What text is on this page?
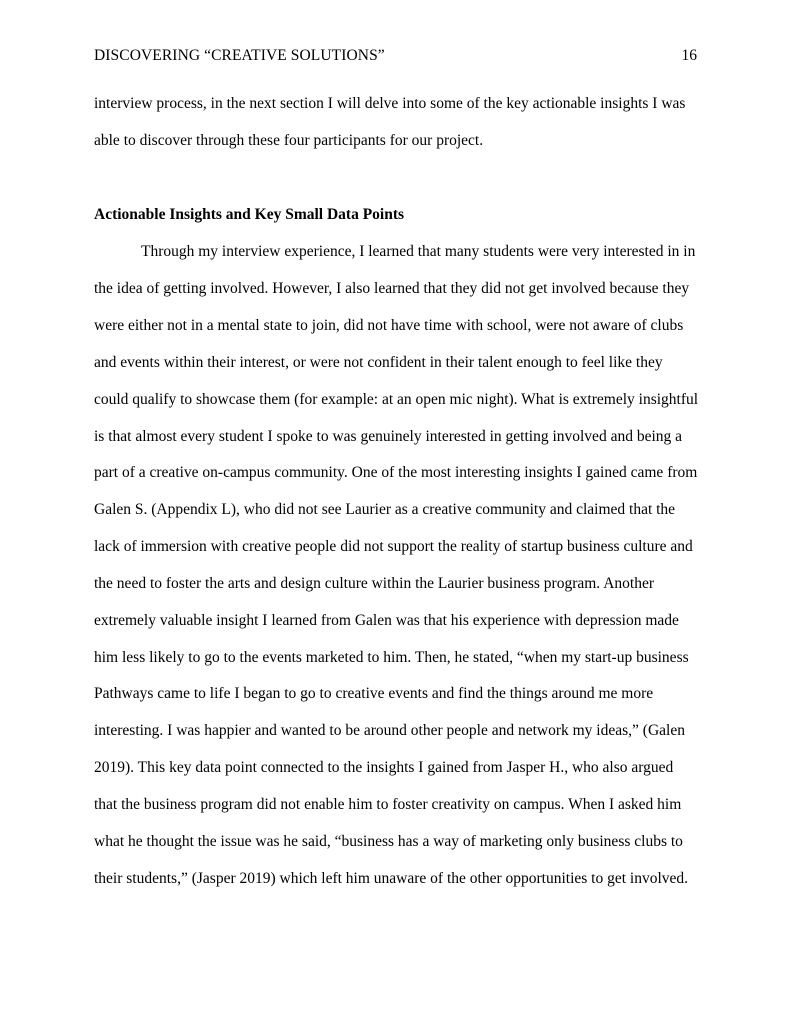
DISCOVERING “CREATIVE SOLUTIONS”	16
interview process, in the next section I will delve into some of the key actionable insights I was
able to discover through these four participants for our project.
Actionable Insights and Key Small Data Points
Through my interview experience, I learned that many students were very interested in in
the idea of getting involved. However, I also learned that they did not get involved because they
were either not in a mental state to join, did not have time with school, were not aware of clubs
and events within their interest, or were not confident in their talent enough to feel like they
could qualify to showcase them (for example: at an open mic night). What is extremely insightful
is that almost every student I spoke to was genuinely interested in getting involved and being a
part of a creative on-campus community. One of the most interesting insights I gained came from
Galen S. (Appendix L), who did not see Laurier as a creative community and claimed that the
lack of immersion with creative people did not support the reality of startup business culture and
the need to foster the arts and design culture within the Laurier business program. Another
extremely valuable insight I learned from Galen was that his experience with depression made
him less likely to go to the events marketed to him. Then, he stated, “when my start-up business
Pathways came to life I began to go to creative events and find the things around me more
interesting. I was happier and wanted to be around other people and network my ideas,” (Galen
2019). This key data point connected to the insights I gained from Jasper H., who also argued
that the business program did not enable him to foster creativity on campus. When I asked him
what he thought the issue was he said, “business has a way of marketing only business clubs to
their students,” (Jasper 2019) which left him unaware of the other opportunities to get involved.
